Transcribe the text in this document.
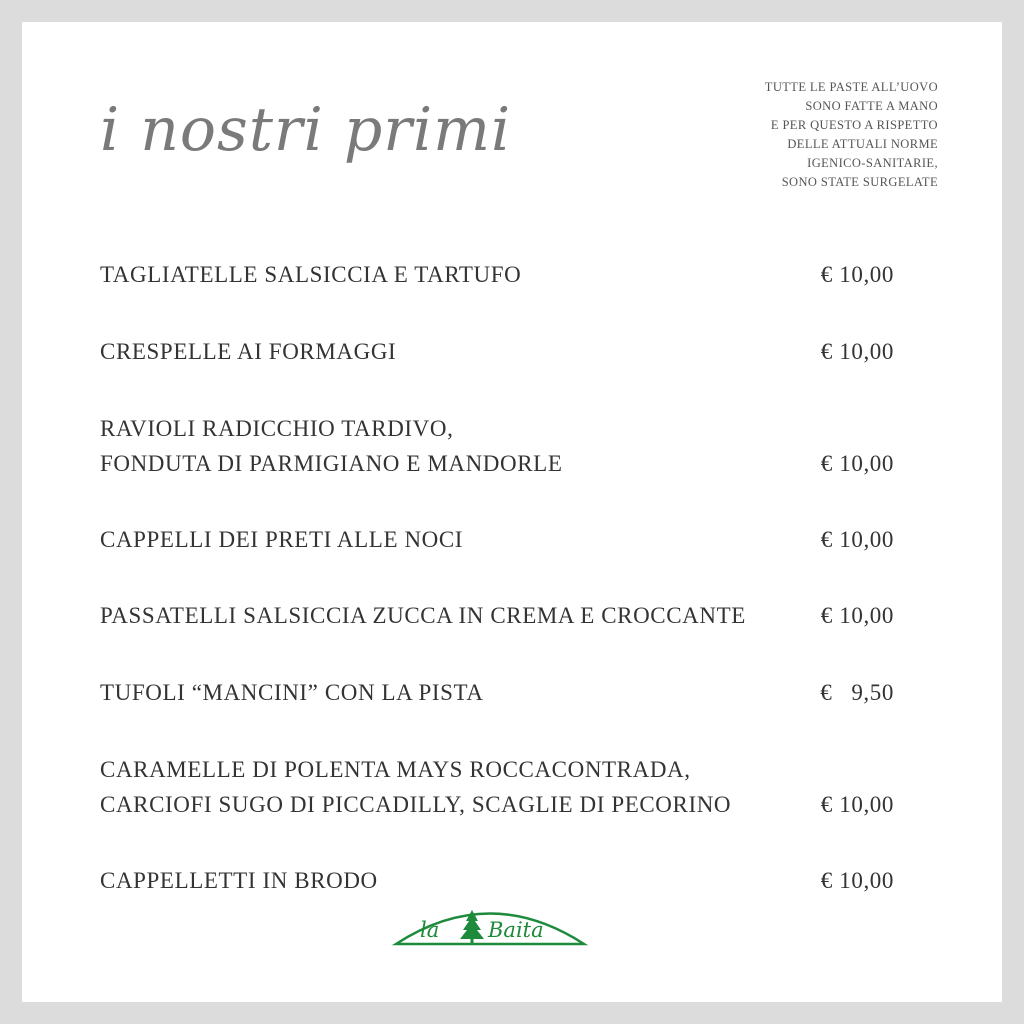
i nostri primi
TUTTE LE PASTE ALL’UOVO
SONO FATTE A MANO
E PER QUESTO A RISPETTO
DELLE ATTUALI NORME
IGENICO-SANITARIE,
SONO STATE SURGELATE
TAGLIATELLE SALSICCIA E TARTUFO	€ 10,00
CRESPELLE AI FORMAGGI	€ 10,00
RAVIOLI RADICCHIO TARDIVO,
FONDUTA DI PARMIGIANO E MANDORLE	€ 10,00
CAPPELLI DEI PRETI ALLE NOCI	€ 10,00
PASSATELLI SALSICCIA ZUCCA IN CREMA E CROCCANTE	€ 10,00
TUFOLI “MANCINI” CON LA PISTA	€   9,50
CARAMELLE DI POLENTA MAYS ROCCACONTRADA,
CARCIOFI SUGO DI PICCADILLY, SCAGLIE DI PECORINO	€ 10,00
CAPPELLETTI IN BRODO	€ 10,00
la Baita
